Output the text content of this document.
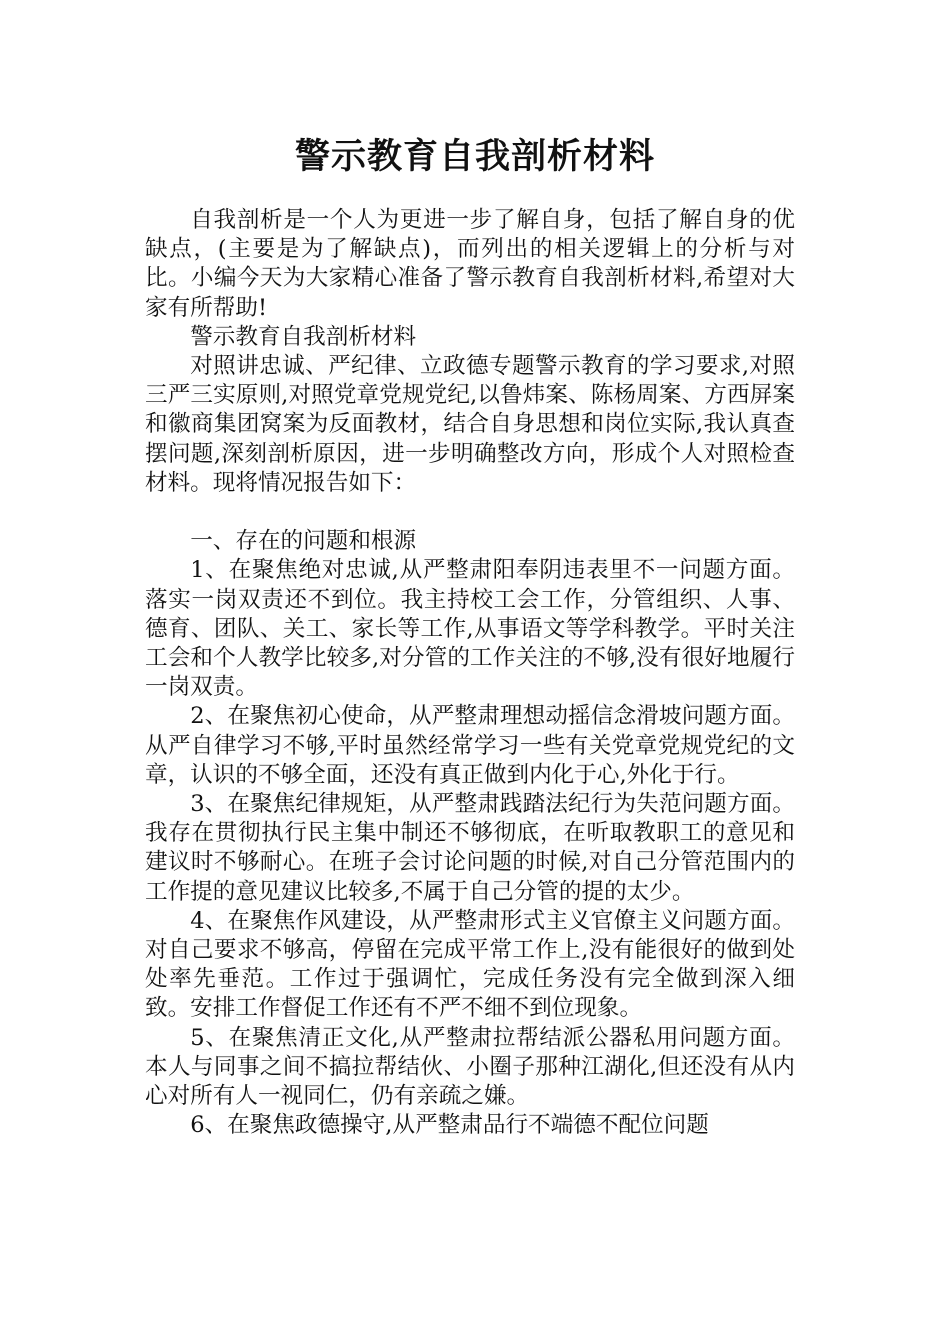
警示教育自我剖析材料

自我剖析是一个人为更进一步了解自身，包括了解自身的优缺点，(主要是为了解缺点)，而列出的相关逻辑上的分析与对比。小编今天为大家精心准备了警示教育自我剖析材料,希望对大家有所帮助!

警示教育自我剖析材料

对照讲忠诚、严纪律、立政德专题警示教育的学习要求,对照三严三实原则,对照党章党规党纪,以鲁炜案、陈杨周案、方西屏案和徽商集团窝案为反面教材，结合自身思想和岗位实际,我认真查摆问题,深刻剖析原因，进一步明确整改方向，形成个人对照检查材料。现将情况报告如下：

一、存在的问题和根源

1、在聚焦绝对忠诚,从严整肃阳奉阴违表里不一问题方面。落实一岗双责还不到位。我主持校工会工作，分管组织、人事、德育、团队、关工、家长等工作,从事语文等学科教学。平时关注工会和个人教学比较多,对分管的工作关注的不够,没有很好地履行一岗双责。

2、在聚焦初心使命，从严整肃理想动摇信念滑坡问题方面。从严自律学习不够,平时虽然经常学习一些有关党章党规党纪的文章，认识的不够全面，还没有真正做到内化于心,外化于行。

3、在聚焦纪律规矩，从严整肃践踏法纪行为失范问题方面。我存在贯彻执行民主集中制还不够彻底，在听取教职工的意见和建议时不够耐心。在班子会讨论问题的时候,对自己分管范围内的工作提的意见建议比较多,不属于自己分管的提的太少。

4、在聚焦作风建设，从严整肃形式主义官僚主义问题方面。对自己要求不够高，停留在完成平常工作上,没有能很好的做到处处率先垂范。工作过于强调忙，完成任务没有完全做到深入细致。安排工作督促工作还有不严不细不到位现象。

5、在聚焦清正文化,从严整肃拉帮结派公器私用问题方面。本人与同事之间不搞拉帮结伙、小圈子那种江湖化,但还没有从内心对所有人一视同仁，仍有亲疏之嫌。

6、在聚焦政德操守,从严整肃品行不端德不配位问题
